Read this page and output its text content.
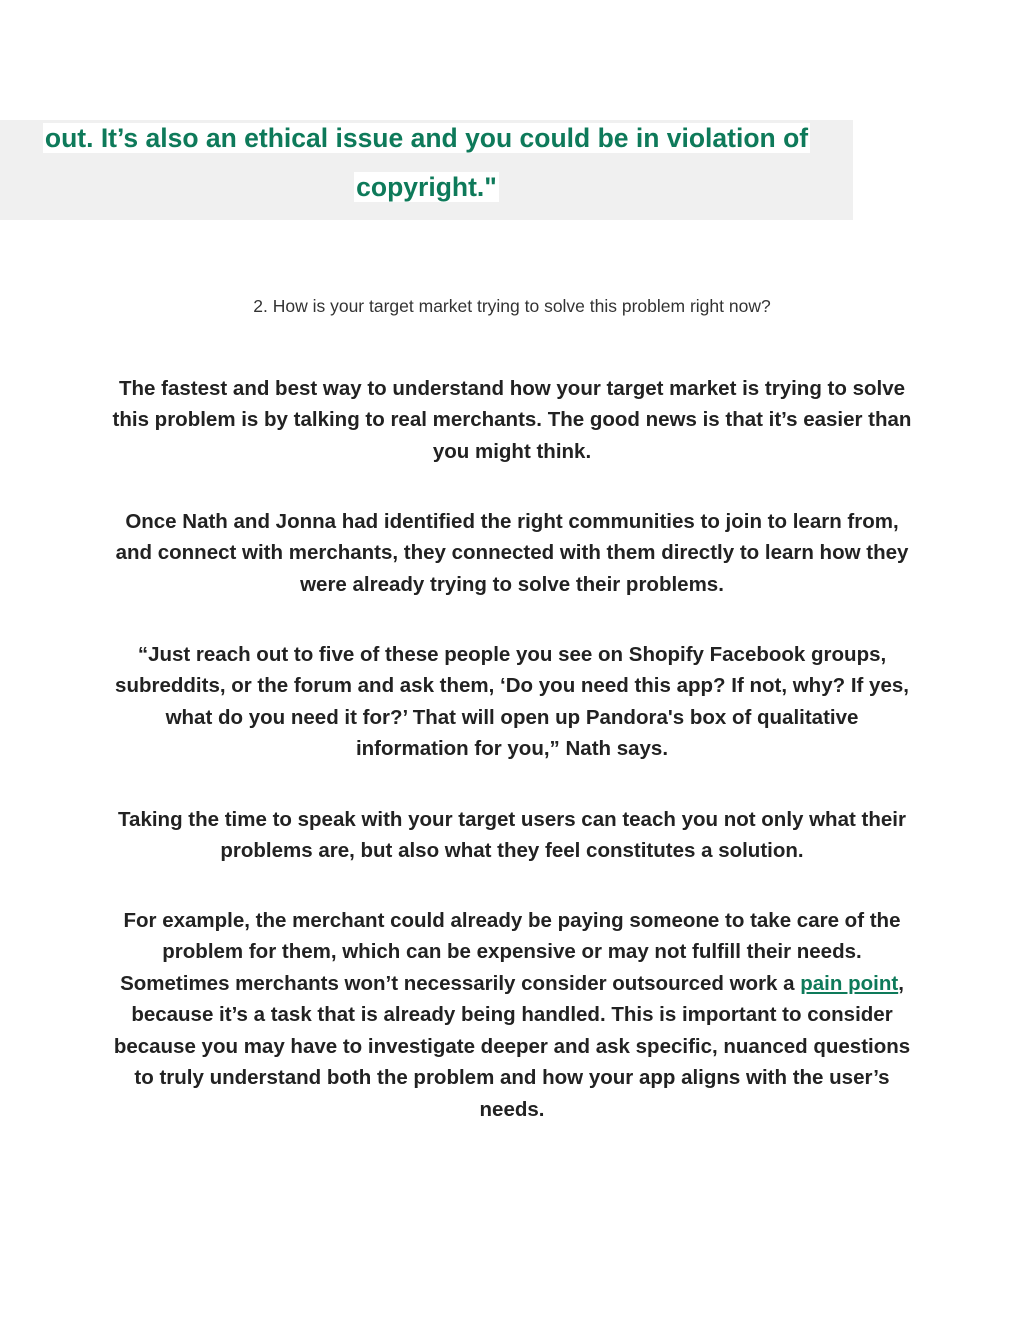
out. It’s also an ethical issue and you could be in violation of
copyright."
2. How is your target market trying to solve this problem right now?

The fastest and best way to understand how your target market is trying to solve this problem is by talking to real merchants. The good news is that it’s easier than you might think.

Once Nath and Jonna had identified the right communities to join to learn from, and connect with merchants, they connected with them directly to learn how they were already trying to solve their problems.

“Just reach out to five of these people you see on Shopify Facebook groups, subreddits, or the forum and ask them, ‘Do you need this app? If not, why? If yes, what do you need it for?’ That will open up Pandora's box of qualitative information for you,” Nath says.

Taking the time to speak with your target users can teach you not only what their problems are, but also what they feel constitutes a solution.

For example, the merchant could already be paying someone to take care of the problem for them, which can be expensive or may not fulfill their needs. Sometimes merchants won’t necessarily consider outsourced work a pain point, because it’s a task that is already being handled. This is important to consider because you may have to investigate deeper and ask specific, nuanced questions to truly understand both the problem and how your app aligns with the user’s needs.
